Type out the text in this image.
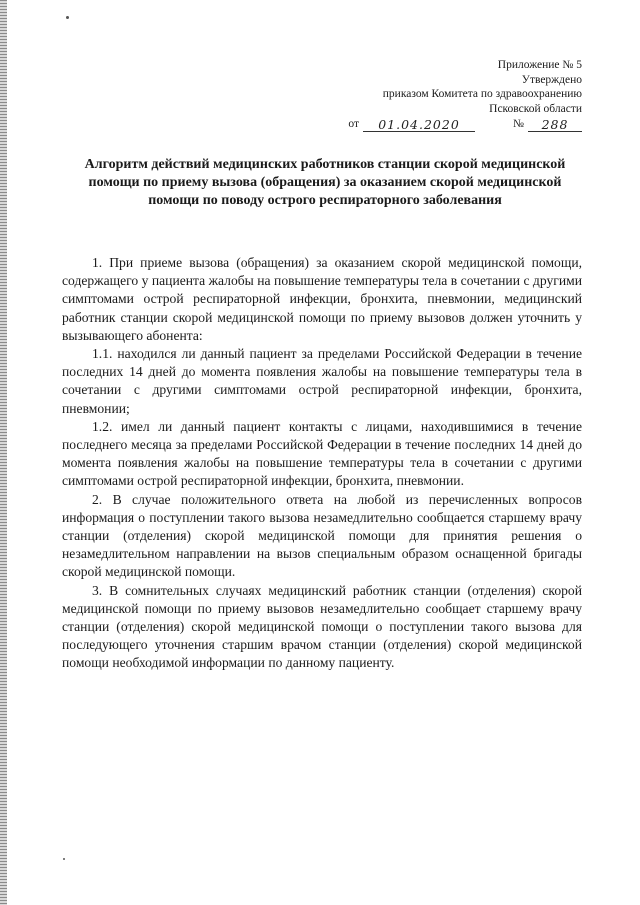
Приложение № 5
Утверждено
приказом Комитета по здравоохранению
Псковской области
от	01.04.2020	№	288
Алгоритм действий медицинских работников станции скорой медицинской помощи по приему вызова (обращения) за оказанием скорой медицинской помощи по поводу острого респираторного заболевания

1. При приеме вызова (обращения) за оказанием скорой медицинской помощи, содержащего у пациента жалобы на повышение температуры тела в сочетании с другими симптомами острой респираторной инфекции, бронхита, пневмонии, медицинский работник станции скорой медицинской помощи по приему вызовов должен уточнить у вызывающего абонента:

1.1. находился ли данный пациент за пределами Российской Федерации в течение последних 14 дней до момента появления жалобы на повышение температуры тела в сочетании с другими симптомами острой респираторной инфекции, бронхита, пневмонии;

1.2. имел ли данный пациент контакты с лицами, находившимися в течение последнего месяца за пределами Российской Федерации в течение последних 14 дней до момента появления жалобы на повышение температуры тела в сочетании с другими симптомами острой респираторной инфекции, бронхита, пневмонии.

2. В случае положительного ответа на любой из перечисленных вопросов информация о поступлении такого вызова незамедлительно сообщается старшему врачу станции (отделения) скорой медицинской помощи для принятия решения о незамедлительном направлении на вызов специальным образом оснащенной бригады скорой медицинской помощи.

3. В сомнительных случаях медицинский работник станции (отделения) скорой медицинской помощи по приему вызовов незамедлительно сообщает старшему врачу станции (отделения) скорой медицинской помощи о поступлении такого вызова для последующего уточнения старшим врачом станции (отделения) скорой медицинской помощи необходимой информации по данному пациенту.
